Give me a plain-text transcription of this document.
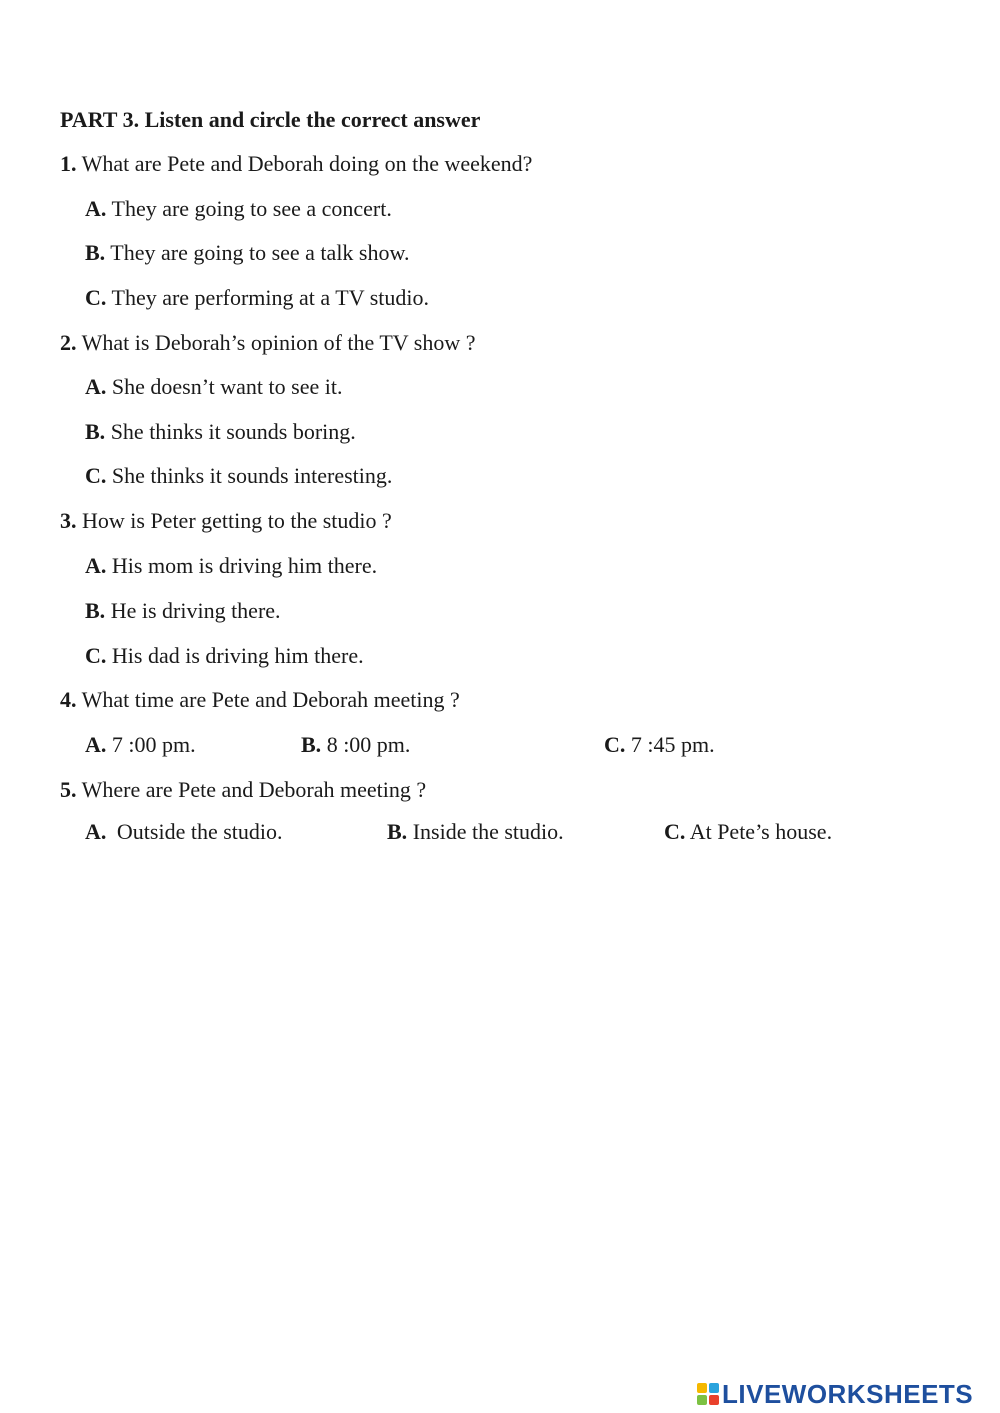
PART 3. Listen and circle the correct answer
1. What are Pete and Deborah doing on the weekend?
A. They are going to see a concert.
B. They are going to see a talk show.
C. They are performing at a TV studio.
2. What is Deborah’s opinion of the TV show ?
A. She doesn’t want to see it.
B. She thinks it sounds boring.
C. She thinks it sounds interesting.
3. How is Peter getting to the studio ?
A. His mom is driving him there.
B. He is driving there.
C. His dad is driving him there.
4. What time are Pete and Deborah meeting ?
A. 7 :00 pm.	B. 8 :00 pm.	C. 7 :45 pm.
5. Where are Pete and Deborah meeting ?
A. Outside the studio.	B. Inside the studio.	C. At Pete’s house.
LIVEWORKSHEETS
